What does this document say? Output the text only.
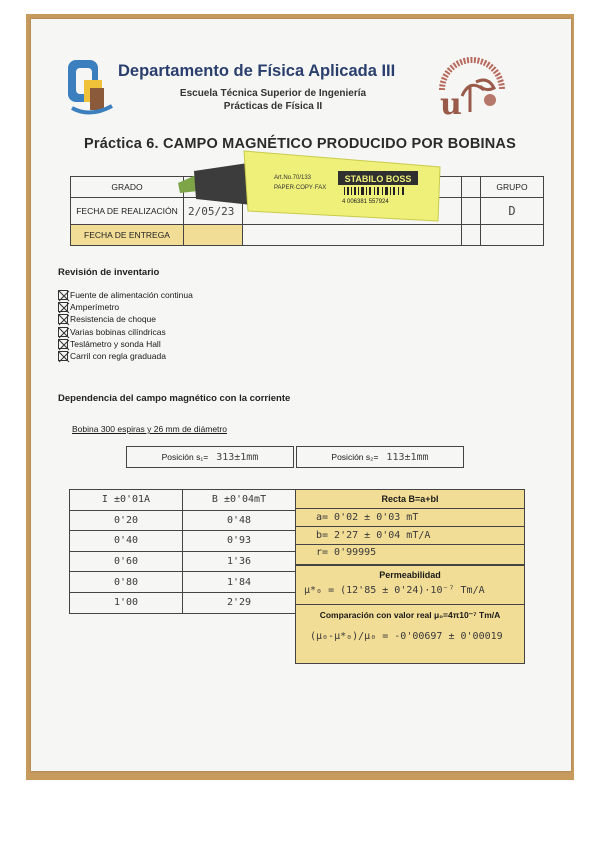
Departamento de Física Aplicada III
Escuela Técnica Superior de Ingeniería
Prácticas de Física II	u
Práctica 6. CAMPO MAGNÉTICO PRODUCIDO POR BOBINAS
GRADO				GRUPO
FECHA DE REALIZACIÓN	2/05/23			D
FECHA DE ENTREGA				
STABILO BOSS
Art.No.70/133
PAPER·COPY·FAX
4 006381 557924
Revisión de inventario
Fuente de alimentación continua
Amperímetro
Resistencia de choque
Varias bobinas cilíndricas
Teslámetro y sonda Hall
Carril con regla graduada
Dependencia del campo magnético con la corriente
Bobina 300 espiras y 26 mm de diámetro
Posición s₁= 313±1mm	Posición s₂= 113±1mm
I ±0'01A	B ±0'04mT
0'20	0'48
0'40	0'93
0'60	1'36
0'80	1'84
1'00	2'29
Recta B=a+bI
a= 0'02 ± 0'03 mT
b= 2'27 ± 0'04 mT/A
r= 0'99995
Permeabilidad
μ*₀ = (12'85 ± 0'24)·10⁻⁷ Tm/A
Comparación con valor real μ₀=4π10⁻⁷ Tm/A
(μ₀-μ*₀)/μ₀ = -0'00697 ± 0'00019
